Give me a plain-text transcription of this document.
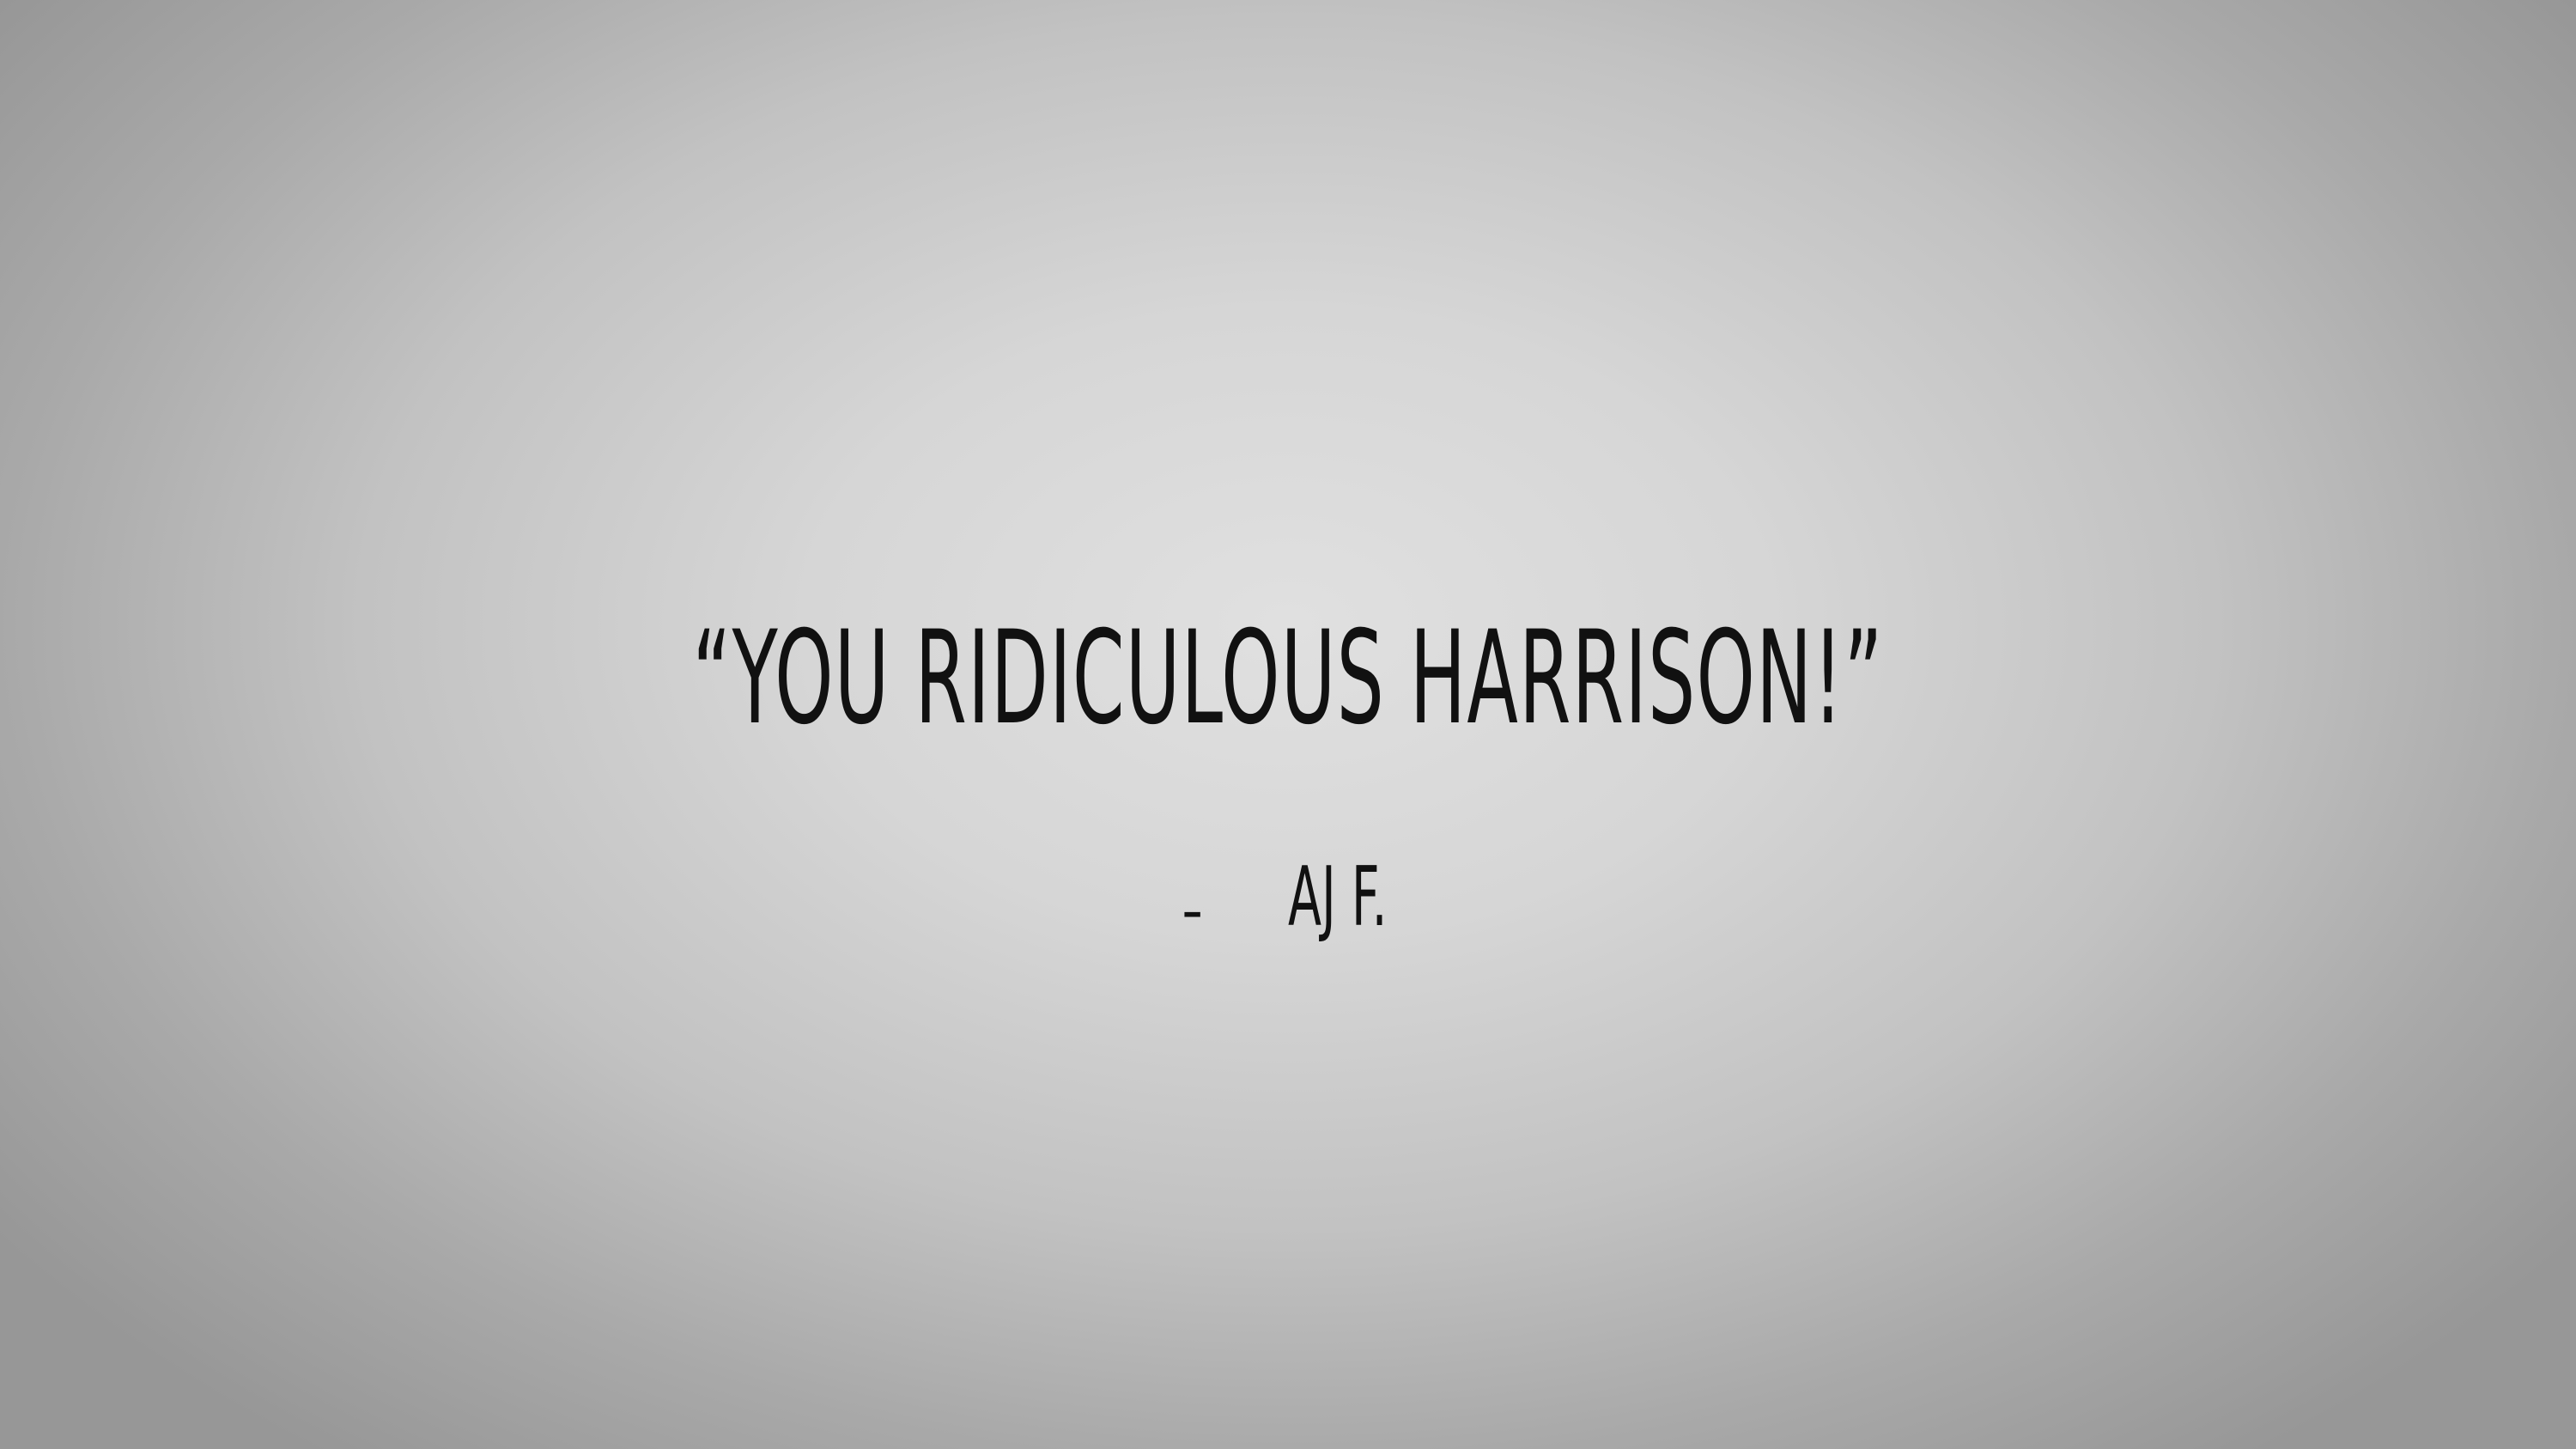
“YOU RIDICULOUS HARRISON!”
- AJ F.
